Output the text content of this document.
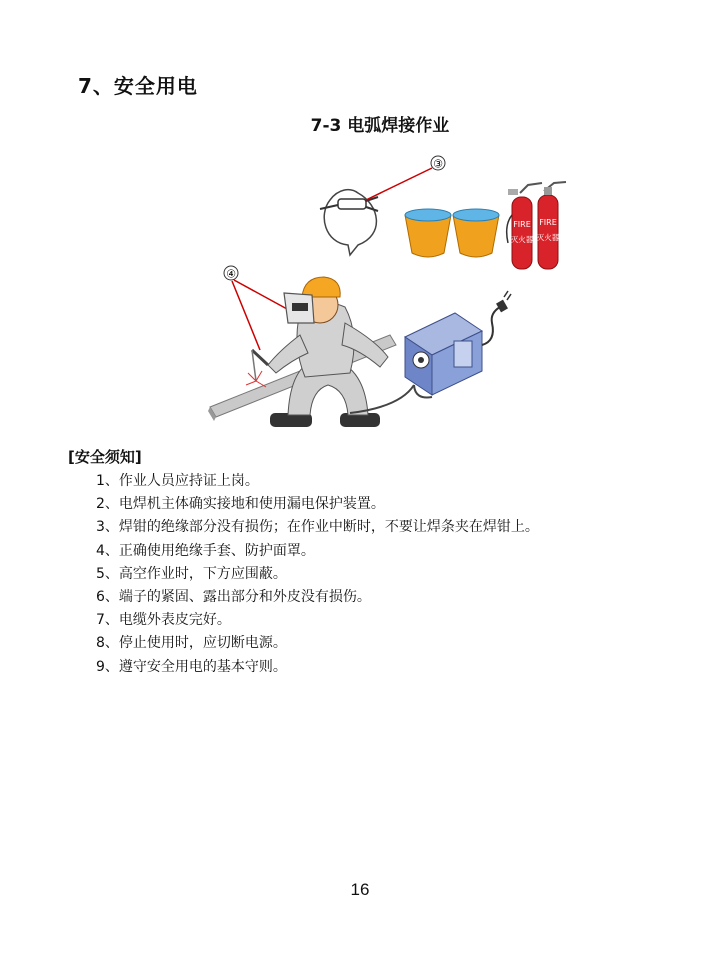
7、安全用电
7-3 电弧焊接作业
③
FIRE
灭火器
FIRE
灭火器
④
[安全须知]
1、作业人员应持证上岗。
2、电焊机主体确实接地和使用漏电保护装置。
3、焊钳的绝缘部分没有损伤；在作业中断时，不要让焊条夹在焊钳上。
4、正确使用绝缘手套、防护面罩。
5、高空作业时，下方应围蔽。
6、端子的紧固、露出部分和外皮没有损伤。
7、电缆外表皮完好。
8、停止使用时，应切断电源。
9、遵守安全用电的基本守则。
16
